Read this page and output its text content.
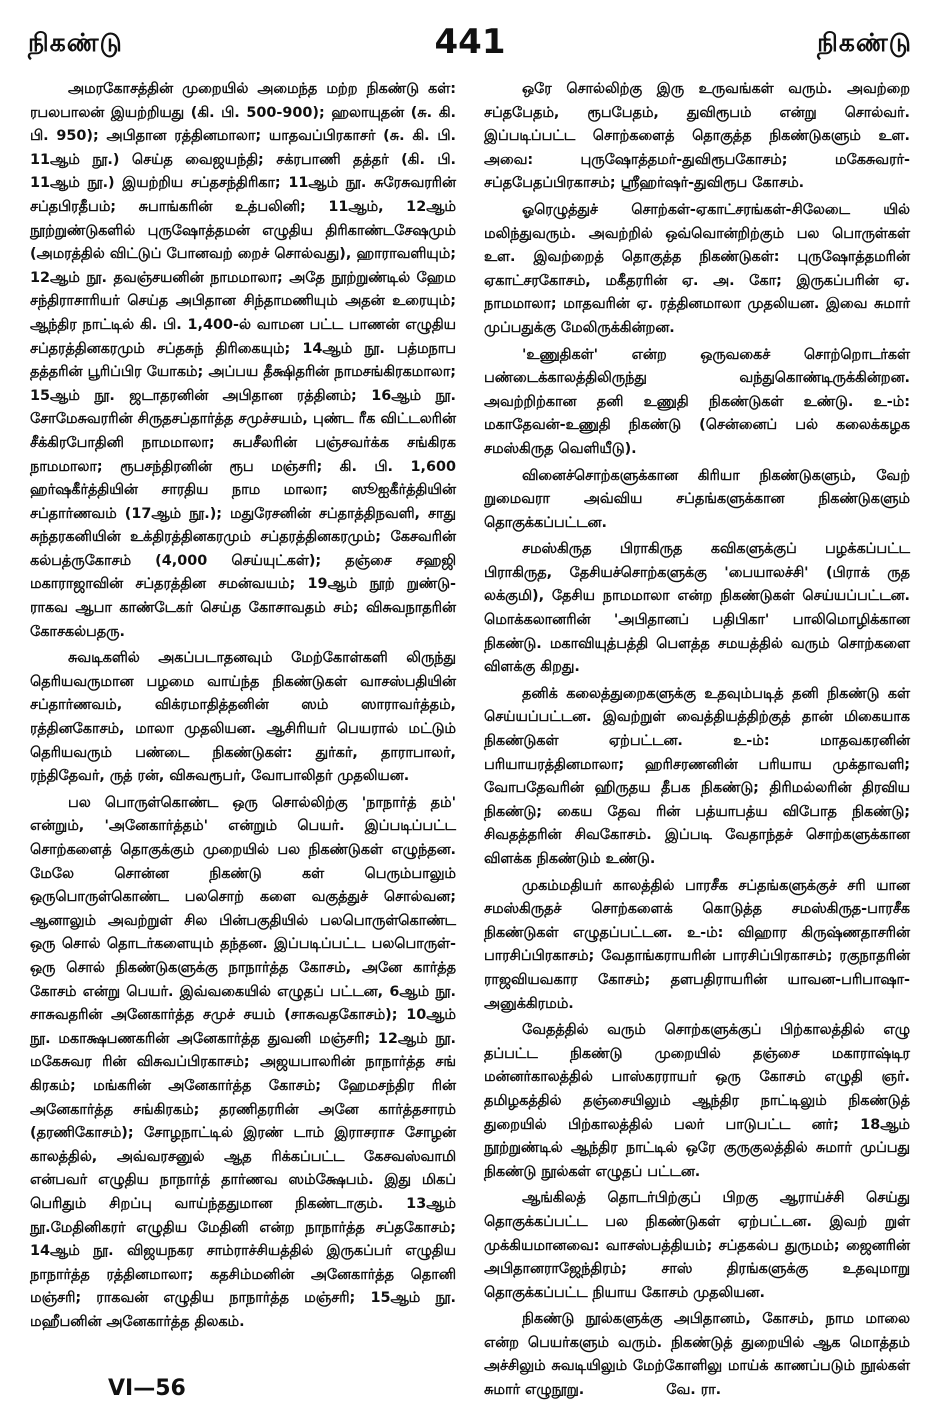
நிகண்டு	441	நிகண்டு

அமரகோசத்தின் முறையில் அமைந்த மற்ற நிகண்டு கள்: ரபலபாலன் இயற்றியது (கி. பி. 500-900); ஹலாயுதன் (சு. கி. பி. 950); அபிதான ரத்தினமாலா; யாதவப்பிரகாசர் (சு. கி. பி. 11ஆம் நூ.) செய்த வைஜயந்தி; சக்ரபாணி தத்தர் (கி. பி. 11ஆம் நூ.) இயற்றிய சப்தசந்திரிகா; 11ஆம் நூ. சுரேசுவரரின் சப்தபிரதீபம்; சுபாங்கரின் உத்பலினி; 11ஆம், 12ஆம் நூற்றுண்டுகளில் புருஷோத்தமன் எழுதிய திரிகாண்டசேஷமும் (அமரத்தில் விட்டுப் போனவற் றைச் சொல்வது), ஹாராவளியும்; 12ஆம் நூ. தவஞ்சயனின் நாமமாலா; அதே நூற்றுண்டில் ஹேம சந்திராசாரியர் செய்த அபிதான சிந்தாமணியும் அதன் உரையும்; ஆந்திர நாட்டில் கி. பி. 1,400-ல் வாமன பட்ட பாணன் எழுதிய சப்தரத்தினகரமும் சப்தசுந் திரிகையும்; 14ஆம் நூ. பத்மநாப தத்தரின் பூரிப்பிர யோகம்; அப்பய தீக்ஷிதரின் நாமசங்கிரகமாலா; 15ஆம் நூ. ஜடாதரனின் அபிதான ரத்தினம்; 16ஆம் நூ. சோமேசுவரரின் சிருதசப்தார்த்த சமுச்சயம், புண்ட ரீக விட்டலரின் சீக்கிரபோதினி நாமமாலா; சுபசீலரின் பஞ்சவர்க்க சங்கிரக நாமமாலா; ரூபசந்திரனின் ரூப மஞ்சரி; கி. பி. 1,600 ஹர்ஷகீர்த்தியின் சாரதிய நாம மாலா; ஸூஐகீர்த்தியின் சப்தார்ணவம் (17ஆம் நூ.); மதுரேசனின் சப்தாத்திநவளி, சாது சுந்தரகனியின் உக்திரத்தினகரமும் சப்தரத்தினகரமும்; கேசவரின் கல்பத்ருகோசம் (4,000 செய்யுட்கள்); தஞ்சை சஹஜி மகாராஜாவின் சப்தரத்தின சமன்வயம்; 19ஆம் நூற் றுண்டு-ராகவ ஆபா காண்டேகர் செய்த கோசாவதம் சம்; விசுவநாதரின் கோசகல்பதரு.

சுவடிகளில் அகப்படாதனவும் மேற்கோள்களி லிருந்து தெரியவருமான பழமை வாய்ந்த நிகண்டுகள் வாசஸ்பதியின் சப்தார்ணவம், விக்ரமாதித்தனின் ஸம் ஸாராவர்த்தம், ரத்தினகோசம், மாலா முதலியன. ஆசிரியர் பெயரால் மட்டும் தெரியவரும் பண்டை நிகண்டுகள்: துர்கர், தாராபாலர், ரந்திதேவர், ருத் ரன், விசுவரூபர், வோபாலிதர் முதலியன.

பல பொருள்கொண்ட ஒரு சொல்லிற்கு 'நாநார்த் தம்' என்றும், 'அனேகார்த்தம்' என்றும் பெயர். இப்படிப்பட்ட சொற்களைத் தொகுக்கும் முறையில் பல நிகண்டுகள் எழுந்தன. மேலே சொன்ன நிகண்டு கள் பெரும்பாலும் ஒருபொருள்கொண்ட பலசொற் களை வகுத்துச் சொல்வன; ஆனாலும் அவற்றுள் சில பின்பகுதியில் பலபொருள்கொண்ட ஒரு சொல் தொடர்களையும் தந்தன. இப்படிப்பட்ட பலபொருள்-ஒரு சொல் நிகண்டுகளுக்கு நாநார்த்த கோசம், அனே கார்த்த கோசம் என்று பெயர். இவ்வகையில் எழுதப் பட்டன, 6ஆம் நூ. சாசுவதரின் அனேகார்த்த சமுச் சயம் (சாசுவதகோசம்); 10ஆம் நூ. மகாக்ஷபணகரின் அனேகார்த்த துவனி மஞ்சரி; 12ஆம் நூ. மகேசுவர ரின் விசுவப்பிரகாசம்; அஜயபாலரின் நாநார்த்த சங் கிரகம்; மங்கரின் அனேகார்த்த கோசம்; ஹேமசந்திர ரின் அனேகார்த்த சங்கிரகம்; தரணிதரரின் அனே கார்த்தசாரம் (தரணிகோசம்); சோழநாட்டில் இரண் டாம் இராசராச சோழன் காலத்தில், அவ்வரசனுல் ஆத ரிக்கப்பட்ட கேசவஸ்வாமி என்பவர் எழுதிய நாநார்த் தார்ணவ ஸம்க்ஷேபம். இது மிகப் பெரிதும் சிறப்பு வாய்ந்ததுமான நிகண்டாகும். 13ஆம் நூ.மேதினிகரர் எழுதிய மேதினி என்ற நாநார்த்த சப்தகோசம்; 14ஆம் நூ. விஜயநகர சாம்ராச்சியத்தில் இருகப்பர் எழுதிய நாநார்த்த ரத்தினமாலா; கதசிம்மனின் அனேகார்த்த தொனி மஞ்சரி; ராகவன் எழுதிய நாநார்த்த மஞ்சரி; 15ஆம் நூ. மஹீபனின் அனேகார்த்த திலகம்.

ஒரே சொல்லிற்கு இரு உருவங்கள் வரும். அவற்றை சப்தபேதம், ரூபபேதம், துவிரூபம் என்று சொல்வர். இப்படிப்பட்ட சொற்களைத் தொகுத்த நிகண்டுகளும் உள. அவை: புருஷோத்தமர்-துவிரூபகோசம்; மகேசுவரர்-சப்தபேதப்பிரகாசம்; ஸ்ரீஹர்ஷர்-துவிரூப கோசம்.

ஓரெழுத்துச் சொற்கள்-ஏகாட்சரங்கள்-சிலேடை யில் மலிந்துவரும். அவற்றில் ஒவ்வொன்றிற்கும் பல பொருள்கள் உள. இவற்றைத் தொகுத்த நிகண்டுகள்: புருஷோத்தமரின் ஏகாட்சரகோசம், மகீதரரின் ஏ. அ. கோ; இருகப்பரின் ஏ. நாமமாலா; மாதவரின் ஏ. ரத்தினமாலா முதலியன. இவை சுமார் முப்பதுக்கு மேலிருக்கின்றன.

'உணுதிகள்' என்ற ஒருவகைச் சொற்றொடர்கள் பண்டைக்காலத்திலிருந்து வந்துகொண்டிருக்கின்றன. அவற்றிற்கான தனி உணுதி நிகண்டுகள் உண்டு. உ-ம்: மகாதேவன்-உணுதி நிகண்டு (சென்னைப் பல் கலைக்கழக சமஸ்கிருத வெளியீடு).

வினைச்சொற்களுக்கான கிரியா நிகண்டுகளும், வேற் றுமைவரா அவ்விய சப்தங்களுக்கான நிகண்டுகளும் தொகுக்கப்பட்டன.

சமஸ்கிருத பிராகிருத கவிகளுக்குப் பழக்கப்பட்ட பிராகிருத, தேசியச்சொற்களுக்கு 'பையாலச்சி' (பிராக் ருத லக்குமி), தேசிய நாமமாலா என்ற நிகண்டுகள் செய்யப்பட்டன. மொக்கலானரின் 'அபிதானப் பதிபிகா' பாலிமொழிக்கான நிகண்டு. மகாவியுத்பத்தி பௌத்த சமயத்தில் வரும் சொற்களை விளக்கு கிறது.

தனிக் கலைத்துறைகளுக்கு உதவும்படித் தனி நிகண்டு கள் செய்யப்பட்டன. இவற்றுள் வைத்தியத்திற்குத் தான் மிகையாக நிகண்டுகள் ஏற்பட்டன. உ-ம்: மாதவகரனின் பரியாயரத்தினமாலா; ஹரிசரணனின் பரியாய முக்தாவளி; வோபதேவரின் ஹிருதய தீபக நிகண்டு; திரிமல்லரின் திரவிய நிகண்டு; கைய தேவ ரின் பத்யாபத்ய விபோத நிகண்டு; சிவதத்தரின் சிவகோசம். இப்படி வேதாந்தச் சொற்களுக்கான விளக்க நிகண்டும் உண்டு.

முகம்மதியர் காலத்தில் பாரசீக சப்தங்களுக்குச் சரி யான சமஸ்கிருதச் சொற்களைக் கொடுத்த சமஸ்கிருத-பாரசீக நிகண்டுகள் எழுதப்பட்டன. உ-ம்: விஹார கிருஷ்ணதாசரின் பாரசிப்பிரகாசம்; வேதாங்கராயரின் பாரசிப்பிரகாசம்; ரகுநாதரின் ராஜவியவகார கோசம்; தளபதிராயரின் யாவன-பரிபாஷா-அனுக்கிரமம்.

வேதத்தில் வரும் சொற்களுக்குப் பிற்காலத்தில் எழு தப்பட்ட நிகண்டு முறையில் தஞ்சை மகாராஷ்டிர மன்னர்காலத்தில் பாஸ்கரராயர் ஒரு கோசம் எழுதி ஞர். தமிழகத்தில் தஞ்சையிலும் ஆந்திர நாட்டிலும் நிகண்டுத் துறையில் பிற்காலத்தில் பலர் பாடுபட்ட னர்; 18ஆம் நூற்றுண்டில் ஆந்திர நாட்டில் ஒரே குருகுலத்தில் சுமார் முப்பது நிகண்டு நூல்கள் எழுதப் பட்டன.

ஆங்கிலத் தொடர்பிற்குப் பிறகு ஆராய்ச்சி செய்து தொகுக்கப்பட்ட பல நிகண்டுகள் ஏற்பட்டன. இவற் றுள் முக்கியமானவை: வாசஸ்பத்தியம்; சப்தகல்ப துருமம்; ஜைனரின் அபிதானராஜேந்திரம்; சாஸ் திரங்களுக்கு உதவுமாறு தொகுக்கப்பட்ட நியாய கோசம் முதலியன.

நிகண்டு நூல்களுக்கு அபிதானம், கோசம், நாம மாலை என்ற பெயர்களும் வரும். நிகண்டுத் துறையில் ஆக மொத்தம் அச்சிலும் சுவடியிலும் மேற்கோளிலு மாய்க் காணப்படும் நூல்கள் சுமார் எழுநூறு.	வே. ரா.

VI—56
